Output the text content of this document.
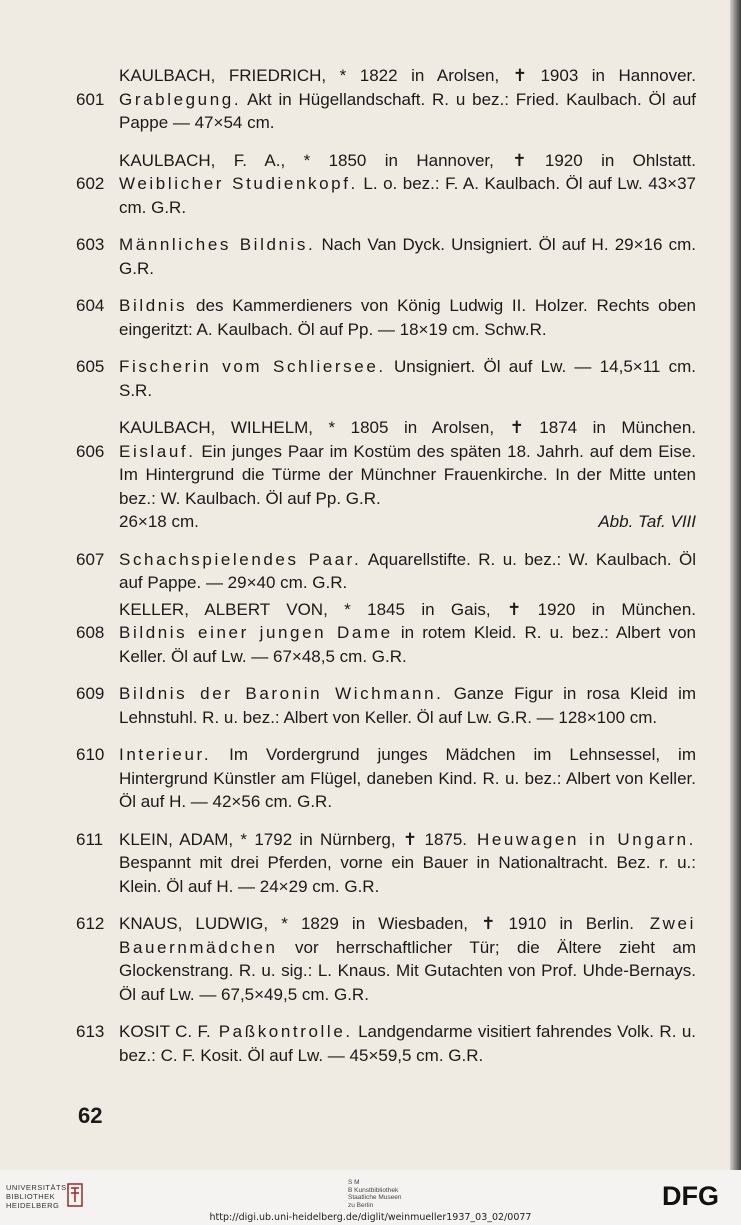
KAULBACH, FRIEDRICH, * 1822 in Arolsen, ✝ 1903 in Hannover.
601 Grablegung. Akt in Hügellandschaft. R. u bez.: Fried. Kaulbach. Öl auf Pappe — 47×54 cm.
KAULBACH, F. A., * 1850 in Hannover, ✝ 1920 in Ohlstatt.
602 Weiblicher Studienkopf. L. o. bez.: F. A. Kaulbach. Öl auf Lw. 43×37 cm. G.R.
603 Männliches Bildnis. Nach Van Dyck. Unsigniert. Öl auf H. 29×16 cm. G.R.
604 Bildnis des Kammerdieners von König Ludwig II. Holzer. Rechts oben eingeritzt: A. Kaulbach. Öl auf Pp. — 18×19 cm. Schw.R.
605 Fischerin vom Schliersee. Unsigniert. Öl auf Lw. — 14,5×11 cm. S.R.
KAULBACH, WILHELM, * 1805 in Arolsen, ✝ 1874 in München.
606 Eislauf. Ein junges Paar im Kostüm des späten 18. Jahrh. auf dem Eise. Im Hintergrund die Türme der Münchner Frauenkirche. In der Mitte unten bez.: W. Kaulbach. Öl auf Pp. G.R.
26×18 cm.	Abb. Taf. VIII
607 Schachspielendes Paar. Aquarellstifte. R. u. bez.: W. Kaulbach. Öl auf Pappe. — 29×40 cm. G.R.
KELLER, ALBERT VON, * 1845 in Gais, ✝ 1920 in München.
608 Bildnis einer jungen Dame in rotem Kleid. R. u. bez.: Albert von Keller. Öl auf Lw. — 67×48,5 cm. G.R.
609 Bildnis der Baronin Wichmann. Ganze Figur in rosa Kleid im Lehnstuhl. R. u. bez.: Albert von Keller. Öl auf Lw. G.R. — 128×100 cm.
610 Interieur. Im Vordergrund junges Mädchen im Lehnsessel, im Hintergrund Künstler am Flügel, daneben Kind. R. u. bez.: Albert von Keller. Öl auf H. — 42×56 cm. G.R.
611 KLEIN, ADAM, * 1792 in Nürnberg, ✝ 1875. Heuwagen in Ungarn. Bespannt mit drei Pferden, vorne ein Bauer in Nationaltracht. Bez. r. u.: Klein. Öl auf H. — 24×29 cm. G.R.
612 KNAUS, LUDWIG, * 1829 in Wiesbaden, ✝ 1910 in Berlin. Zwei Bauernmädchen vor herrschaftlicher Tür; die Ältere zieht am Glockenstrang. R. u. sig.: L. Knaus. Mit Gutachten von Prof. Uhde-Bernays. Öl auf Lw. — 67,5×49,5 cm. G.R.
613 KOSIT C. F. Paßkontrolle. Landgendarme visitiert fahrendes Volk. R. u. bez.: C. F. Kosit. Öl auf Lw. — 45×59,5 cm. G.R.
62
UNIVERSITÄTS-
BIBLIOTHEK
HEIDELBERG
S M
B Kunstbibliothek
Staatliche Museen
zu Berlin	DFG
http://digi.ub.uni-heidelberg.de/diglit/weinmueller1937_03_02/0077
